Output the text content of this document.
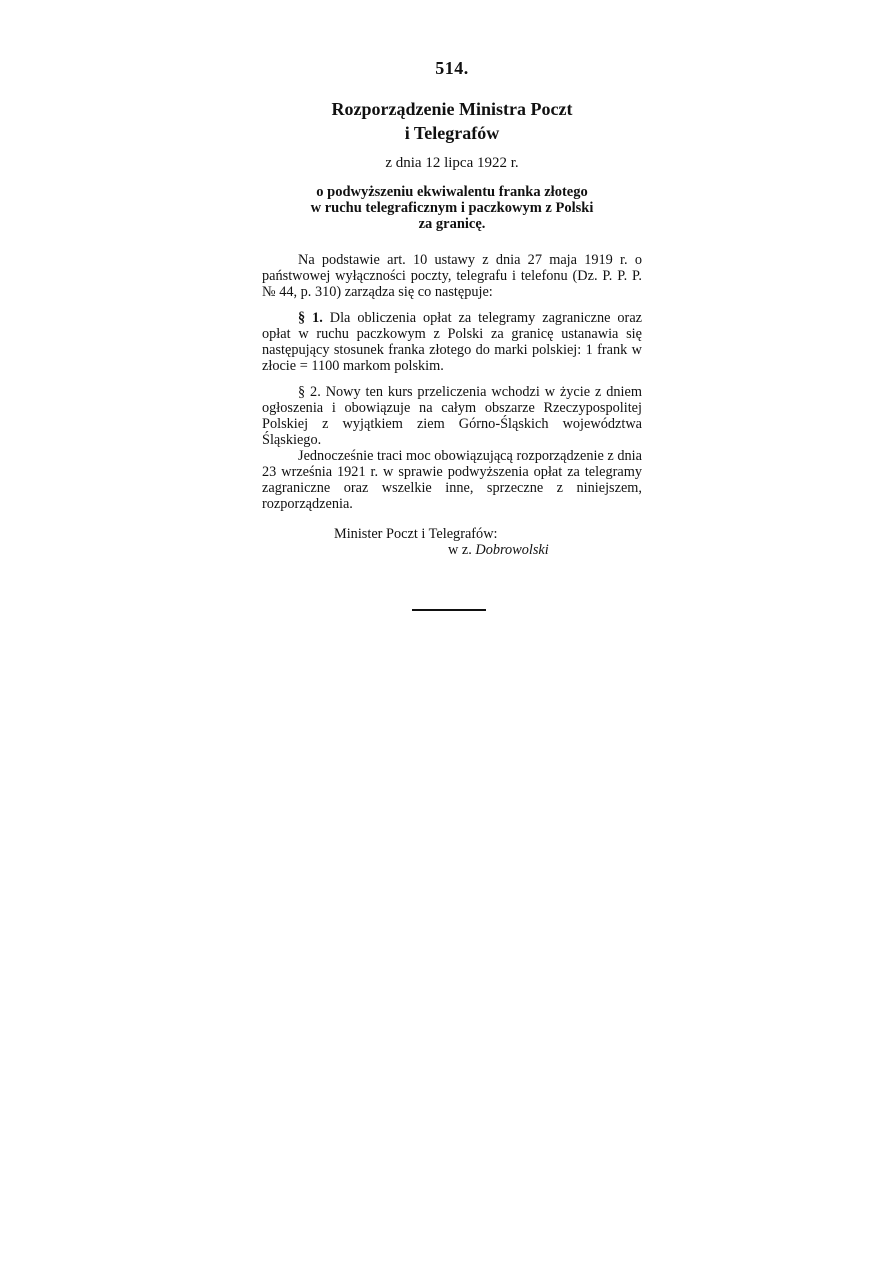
514.
Rozporządzenie Ministra Poczt
i Telegrafów
z dnia 12 lipca 1922 r.
o podwyższeniu ekwiwalentu franka złotego
w ruchu telegraficznym i paczkowym z Polski
za granicę.

Na podstawie art. 10 ustawy z dnia 27 maja 1919 r. o państwowej wyłączności poczty, telegrafu i telefonu (Dz. P. P. P. № 44, p. 310) zarządza się co następuje:

§ 1. Dla obliczenia opłat za telegramy zagraniczne oraz opłat w ruchu paczkowym z Polski za granicę ustanawia się następujący stosunek franka złotego do marki polskiej: 1 frank w złocie = 1100 markom polskim.

§ 2. Nowy ten kurs przeliczenia wchodzi w życie z dniem ogłoszenia i obowiązuje na całym obszarze Rzeczypospolitej Polskiej z wyjątkiem ziem Górno-Śląskich województwa Śląskiego.

Jednocześnie traci moc obowiązującą rozporządzenie z dnia 23 września 1921 r. w sprawie podwyższenia opłat za telegramy zagraniczne oraz wszelkie inne, sprzeczne z niniejszem, rozporządzenia.

Minister Poczt i Telegrafów:
w z. Dobrowolski
